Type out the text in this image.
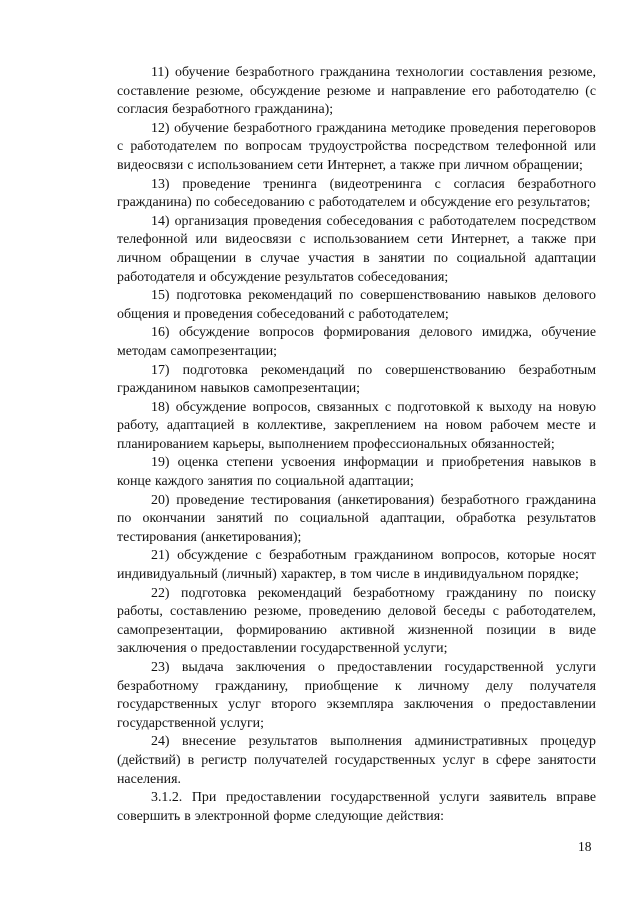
11) обучение безработного гражданина технологии составления резюме, составление резюме, обсуждение резюме и направление его работодателю (с согласия безработного гражданина);

12) обучение безработного гражданина методике проведения переговоров с работодателем по вопросам трудоустройства посредством телефонной или видеосвязи с использованием сети Интернет, а также при личном обращении;

13) проведение тренинга (видеотренинга с согласия безработного гражданина) по собеседованию с работодателем и обсуждение его результатов;

14) организация проведения собеседования с работодателем посредством телефонной или видеосвязи с использованием сети Интернет, а также при личном обращении в случае участия в занятии по социальной адаптации работодателя и обсуждение результатов собеседования;

15) подготовка рекомендаций по совершенствованию навыков делового общения и проведения собеседований с работодателем;

16) обсуждение вопросов формирования делового имиджа, обучение методам самопрезентации;

17) подготовка рекомендаций по совершенствованию безработным гражданином навыков самопрезентации;

18) обсуждение вопросов, связанных с подготовкой к выходу на новую работу, адаптацией в коллективе, закреплением на новом рабочем месте и планированием карьеры, выполнением профессиональных обязанностей;

19) оценка степени усвоения информации и приобретения навыков в конце каждого занятия по социальной адаптации;

20) проведение тестирования (анкетирования) безработного гражданина по окончании занятий по социальной адаптации, обработка результатов тестирования (анкетирования);

21) обсуждение с безработным гражданином вопросов, которые носят индивидуальный (личный) характер, в том числе в индивидуальном порядке;

22) подготовка рекомендаций безработному гражданину по поиску работы, составлению резюме, проведению деловой беседы с работодателем, самопрезентации, формированию активной жизненной позиции в виде заключения о предоставлении государственной услуги;

23) выдача заключения о предоставлении государственной услуги безработному гражданину, приобщение к личному делу получателя государственных услуг второго экземпляра заключения о предоставлении государственной услуги;

24) внесение результатов выполнения административных процедур (действий) в регистр получателей государственных услуг в сфере занятости населения.

3.1.2. При предоставлении государственной услуги заявитель вправе совершить в электронной форме следующие действия:

18
